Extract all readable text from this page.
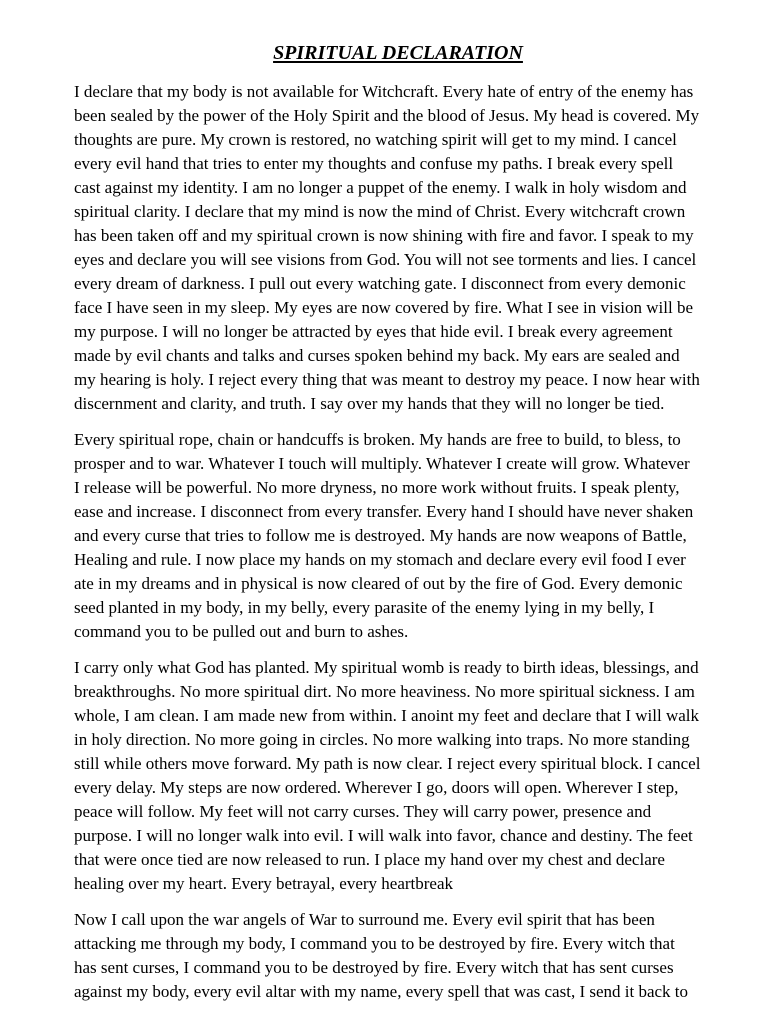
SPIRITUAL DECLARATION

I declare that my body is not available for Witchcraft. Every hate of entry of the enemy has
been sealed by the power of the Holy Spirit and the blood of Jesus. My head is covered. My
thoughts are pure. My crown is restored, no watching spirit will get to my mind. I cancel
every evil hand that tries to enter my thoughts and confuse my paths. I break every spell
cast against my identity. I am no longer a puppet of the enemy. I walk in holy wisdom and
spiritual clarity. I declare that my mind is now the mind of Christ. Every witchcraft crown
has been taken off and my spiritual crown is now shining with fire and favor. I speak to my
eyes and declare you will see visions from God. You will not see torments and lies. I cancel
every dream of darkness. I pull out every watching gate. I disconnect from every demonic
face I have seen in my sleep. My eyes are now covered by fire. What I see in vision will be
my purpose. I will no longer be attracted by eyes that hide evil. I break every agreement
made by evil chants and talks and curses spoken behind my back. My ears are sealed and
my hearing is holy. I reject every thing that was meant to destroy my peace. I now hear with
discernment and clarity, and truth. I say over my hands that they will no longer be tied.

Every spiritual rope, chain or handcuffs is broken. My hands are free to build, to bless, to
prosper and to war. Whatever I touch will multiply. Whatever I create will grow. Whatever
I release will be powerful. No more dryness, no more work without fruits. I speak plenty,
ease and increase. I disconnect from every transfer. Every hand I should have never shaken
and every curse that tries to follow me is destroyed. My hands are now weapons of Battle,
Healing and rule. I now place my hands on my stomach and declare every evil food I ever
ate in my dreams and in physical is now cleared of out by the fire of God. Every demonic
seed planted in my body, in my belly, every parasite of the enemy lying in my belly, I
command you to be pulled out and burn to ashes.

I carry only what God has planted. My spiritual womb is ready to birth ideas, blessings, and
breakthroughs. No more spiritual dirt. No more heaviness. No more spiritual sickness. I am
whole, I am clean. I am made new from within. I anoint my feet and declare that I will walk
in holy direction. No more going in circles. No more walking into traps. No more standing
still while others move forward. My path is now clear. I reject every spiritual block. I cancel
every delay. My steps are now ordered. Wherever I go, doors will open. Wherever I step,
peace will follow. My feet will not carry curses. They will carry power, presence and
purpose. I will no longer walk into evil. I will walk into favor, chance and destiny. The feet
that were once tied are now released to run. I place my hand over my chest and declare
healing over my heart. Every betrayal, every heartbreak

Now I call upon the war angels of War to surround me. Every evil spirit that has been
attacking me through my body, I command you to be destroyed by fire. Every witch that
has sent curses, I command you to be destroyed by fire. Every witch that has sent curses
against my body, every evil altar with my name, every spell that was cast, I send it back to
